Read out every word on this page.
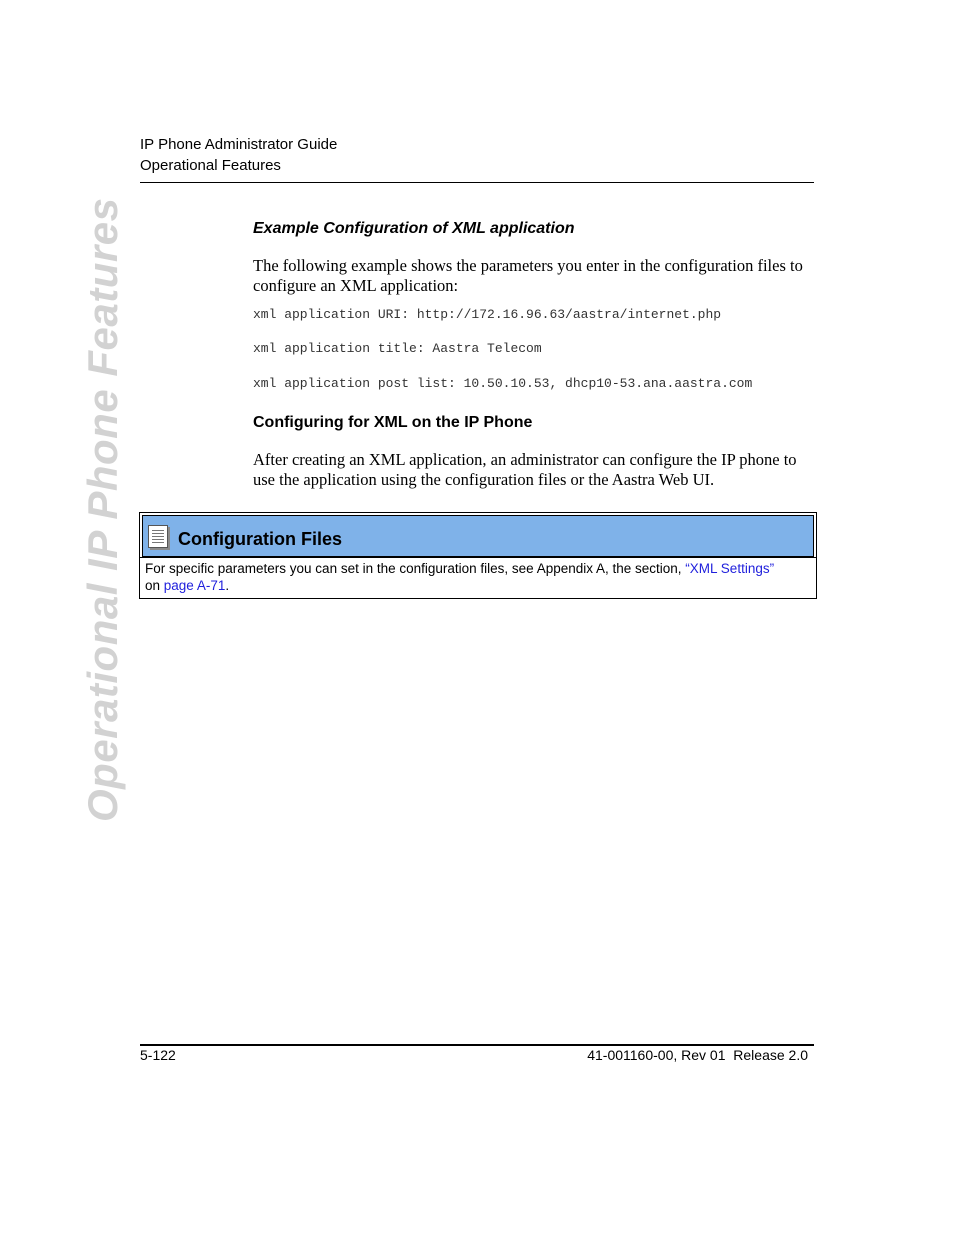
IP Phone Administrator Guide
Operational Features
Operational IP Phone Features	Example Configuration of XML application
The following example shows the parameters you enter in the configuration files to configure an XML application:
xml application URI: http://172.16.96.63/aastra/internet.php
xml application title: Aastra Telecom
xml application post list: 10.50.10.53, dhcp10-53.ana.aastra.com
Configuring for XML on the IP Phone
After creating an XML application, an administrator can configure the IP phone to use the application using the configuration files or the Aastra Web UI.
Configuration Files
For specific parameters you can set in the configuration files, see Appendix A, the section, “XML Settings”
on page A-71.
5-122	41-001160-00, Rev 01  Release 2.0
